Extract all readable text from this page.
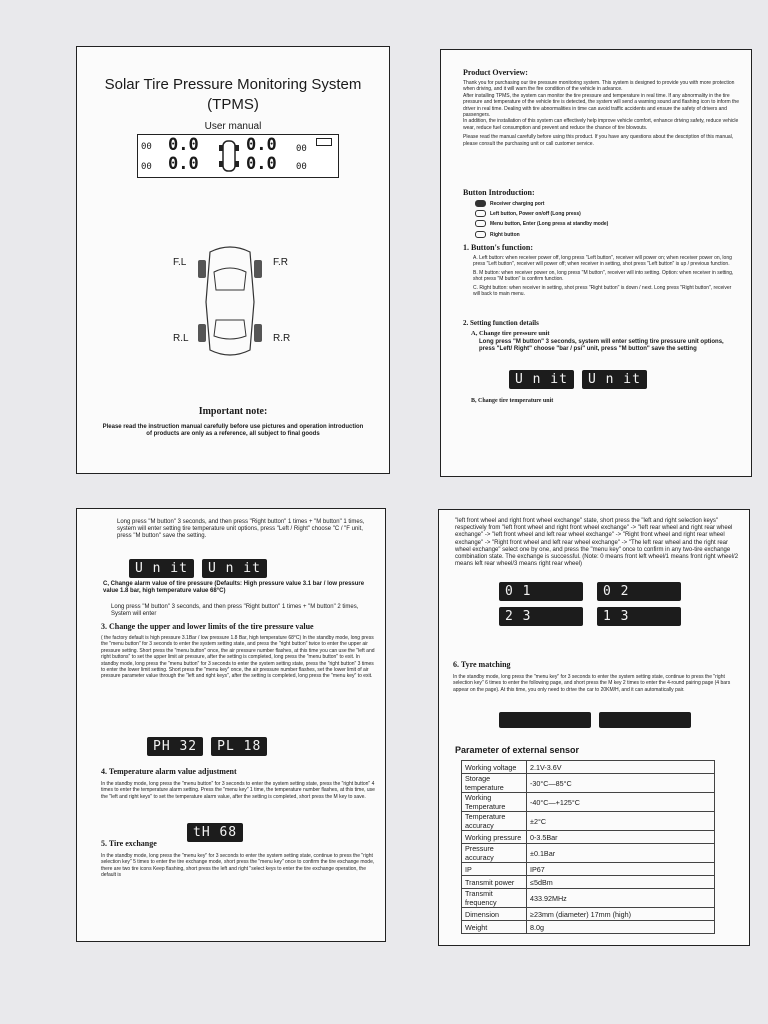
Solar Tire Pressure Monitoring System
(TPMS)
User manual
00
00
0.0
0.0
0.0
0.0
00
00
F.L	F.R
R.L	R.R
Important note:
Please read the instruction manual carefully before use pictures and operation introduction of products are only as a reference, all subject to final goods
Product Overview:
Thank you for purchasing our tire pressure monitoring system. This system is designed to provide you with more protection when driving, and it will warn the fire condition of the vehicle in advance.
After installing TPMS, the system can monitor the tire pressure and temperature in real time. If any abnormality in the tire pressure and temperature of the vehicle tire is detected, the system will send a warning sound and flashing icon to inform the driver in real time. Dealing with tire abnormalities in time can avoid traffic accidents and ensure the safety of drivers and passengers.
In addition, the installation of this system can effectively help improve vehicle comfort, enhance driving safety, reduce vehicle wear, reduce fuel consumption and prevent and reduce the chance of tire blowouts.
Please read the manual carefully before using this product. If you have any questions about the description of this manual, please consult the purchasing unit or call customer service.
Button Introduction:
Receiver charging port
Left button, Power on/off (Long press)
Menu button, Enter (Long press at standby mode)
Right button
1. Button's function:
A. Left button: when receiver power off, long press "Left button", receiver will power on; when receiver power on, long press "Left button", receiver will power off; when receiver in setting, shot press "Left button" is up / previous function.
B. M button: when receiver power on, long press "M button", receiver will into setting. Option: when receiver in setting, shot press "M button" is confirm function.
C. Right button: when receiver in setting, shot press "Right button" is down / next. Long press "Right button", receiver will back to main menu.
2. Setting function details
A, Change tire pressure unit
Long press "M button" 3 seconds, system will enter setting tire pressure unit options, press "Left/ Right" choose "bar / psi" unit, press "M button" save the setting
U n it	U n it
B, Change tire temperature unit
Long press "M button" 3 seconds, and then press "Right button" 1 times + "M button" 1 times, system will enter setting tire temperature unit options, press "Left / Right" choose "C / "F unit, press "M button" save the setting.
U n it	U n it
C, Change alarm value of tire pressure (Defaults: High pressure value 3.1 bar / low pressure value 1.8 bar, high temperature value 68°C)
Long press "M button" 3 seconds, and then press "Right button" 1 times + "M button" 2 times, System will enter
3. Change the upper and lower limits of the tire pressure value
( the factory default is high pressure 3.1Bar / low pressure 1.8 Bar, high temperature 68°C) In the standby mode, long press the "menu button" for 3 seconds to enter the system setting state, and press the "right button" twice to enter the upper air pressure setting. Short press the "menu button" once, the air pressure number flashes, at this time you can use the "left and right buttons" to set the upper limit air pressure, after the setting is completed, long press the "menu button" to exit. In standby mode, long press the "menu button" for 3 seconds to enter the system setting state, press the "right button" 3 times to enter the lower limit setting. Short press the "menu key" once, the air pressure number flashes, set the lower limit of air pressure parameter value through the "left and right keys", after the setting is completed, long press the "menu key" to exit.
PH 32	PL 18
4. Temperature alarm value adjustment
In the standby mode, long press the "menu button" for 3 seconds to enter the system setting state, press the "right button" 4 times to enter the temperature alarm setting. Press the "menu key" 1 time, the temperature number flashes, at this time, use the "left and right keys" to set the temperature alarm value, after the setting is completed, short press the M key to save.
tH 68
5. Tire exchange
In the standby mode, long press the "menu key" for 3 seconds to enter the system setting state, continue to press the "right selection key" 5 times to enter the tire exchange mode, short press the "menu key" once to confirm the tire exchange mode, there are two tire icons Keep flashing, short press the left and right "select keys to enter the tire exchange operation, the default is
"left front wheel and right front wheel exchange" state, short press the "left and right selection keys" respectively from "left front wheel and right front wheel exchange" -> "left rear wheel and right rear wheel exchange" -> "left front wheel and left rear wheel exchange" -> "Right front wheel and right rear wheel exchange" -> "Right front wheel and left rear wheel exchange" -> "The left rear wheel and the right rear wheel exchange" select one by one, and press the "menu key" once to confirm in any two-tire exchange combination state. The exchange is successful. (Note: 0 means front left wheel/1 means front right wheel/2 means left rear wheel/3 means right rear wheel)
0 1	0 2
2 3	1 3
6. Tyre matching
In the standby mode, long press the "menu key" for 3 seconds to enter the system setting state, continue to press the "right selection key" 6 times to enter the following page, and short press the M key 2 times to enter the 4-round pairing page (4 bars appear on the page). At this time, you only need to drive the car to 20KM/H, and it can automatically pair.
Parameter of external sensor
Working voltage	2.1V-3.6V
Storage temperature	-30°C—85°C
Working Temperature	-40°C—+125°C
Temperature accuracy	±2°C
Working pressure	0-3.5Bar
Pressure accuracy	±0.1Bar
IP	IP67
Transmit power	≤5dBm
Transmit frequency	433.92MHz
Dimension	≥23mm (diameter) 17mm (high)
Weight	8.0g
